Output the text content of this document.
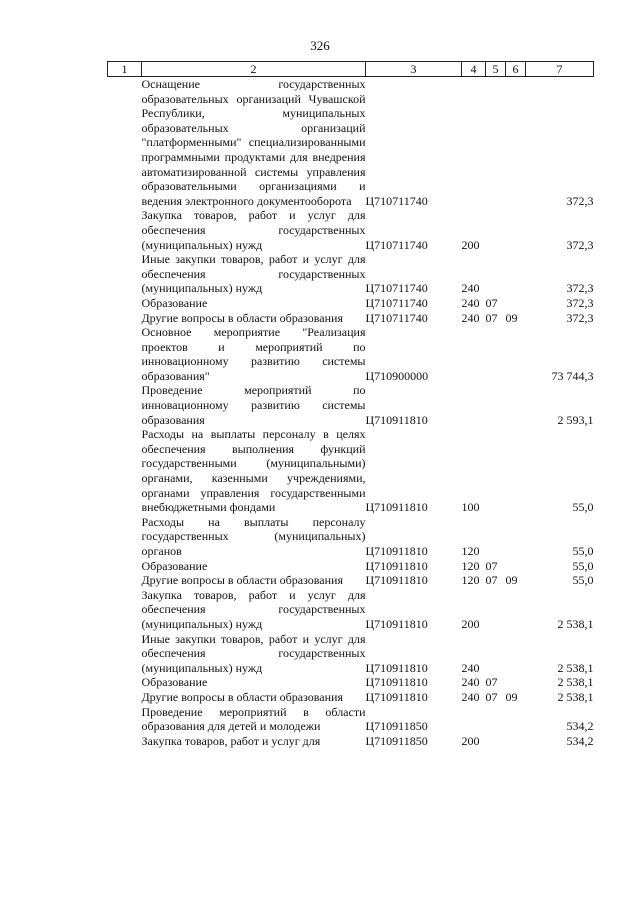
326
1	2	3	4	5	6	7
	Оснащение государственных образовательных организаций Чувашской Республики, муниципальных образовательных организаций "платформенными" специализированными программными продуктами для внедрения автоматизированной системы управления образовательными организациями и ведения электронного документооборота	Ц710711740				372,3
	Закупка товаров, работ и услуг для обеспечения государственных (муниципальных) нужд	Ц710711740	200			372,3
	Иные закупки товаров, работ и услуг для обеспечения государственных (муниципальных) нужд	Ц710711740	240			372,3
	Образование	Ц710711740	240	07		372,3
	Другие вопросы в области образования	Ц710711740	240	07	09	372,3
	Основное мероприятие "Реализация проектов и мероприятий по инновационному развитию системы образования"	Ц710900000				73 744,3
	Проведение мероприятий по инновационному развитию системы образования	Ц710911810				2 593,1
	Расходы на выплаты персоналу в целях обеспечения выполнения функций государственными (муниципальными) органами, казенными учреждениями, органами управления государственными внебюджетными фондами	Ц710911810	100			55,0
	Расходы на выплаты персоналу государственных (муниципальных) органов	Ц710911810	120			55,0
	Образование	Ц710911810	120	07		55,0
	Другие вопросы в области образования	Ц710911810	120	07	09	55,0
	Закупка товаров, работ и услуг для обеспечения государственных (муниципальных) нужд	Ц710911810	200			2 538,1
	Иные закупки товаров, работ и услуг для обеспечения государственных (муниципальных) нужд	Ц710911810	240			2 538,1
	Образование	Ц710911810	240	07		2 538,1
	Другие вопросы в области образования	Ц710911810	240	07	09	2 538,1
	Проведение мероприятий в области образования для детей и молодежи	Ц710911850				534,2
	Закупка товаров, работ и услуг для	Ц710911850	200			534,2
